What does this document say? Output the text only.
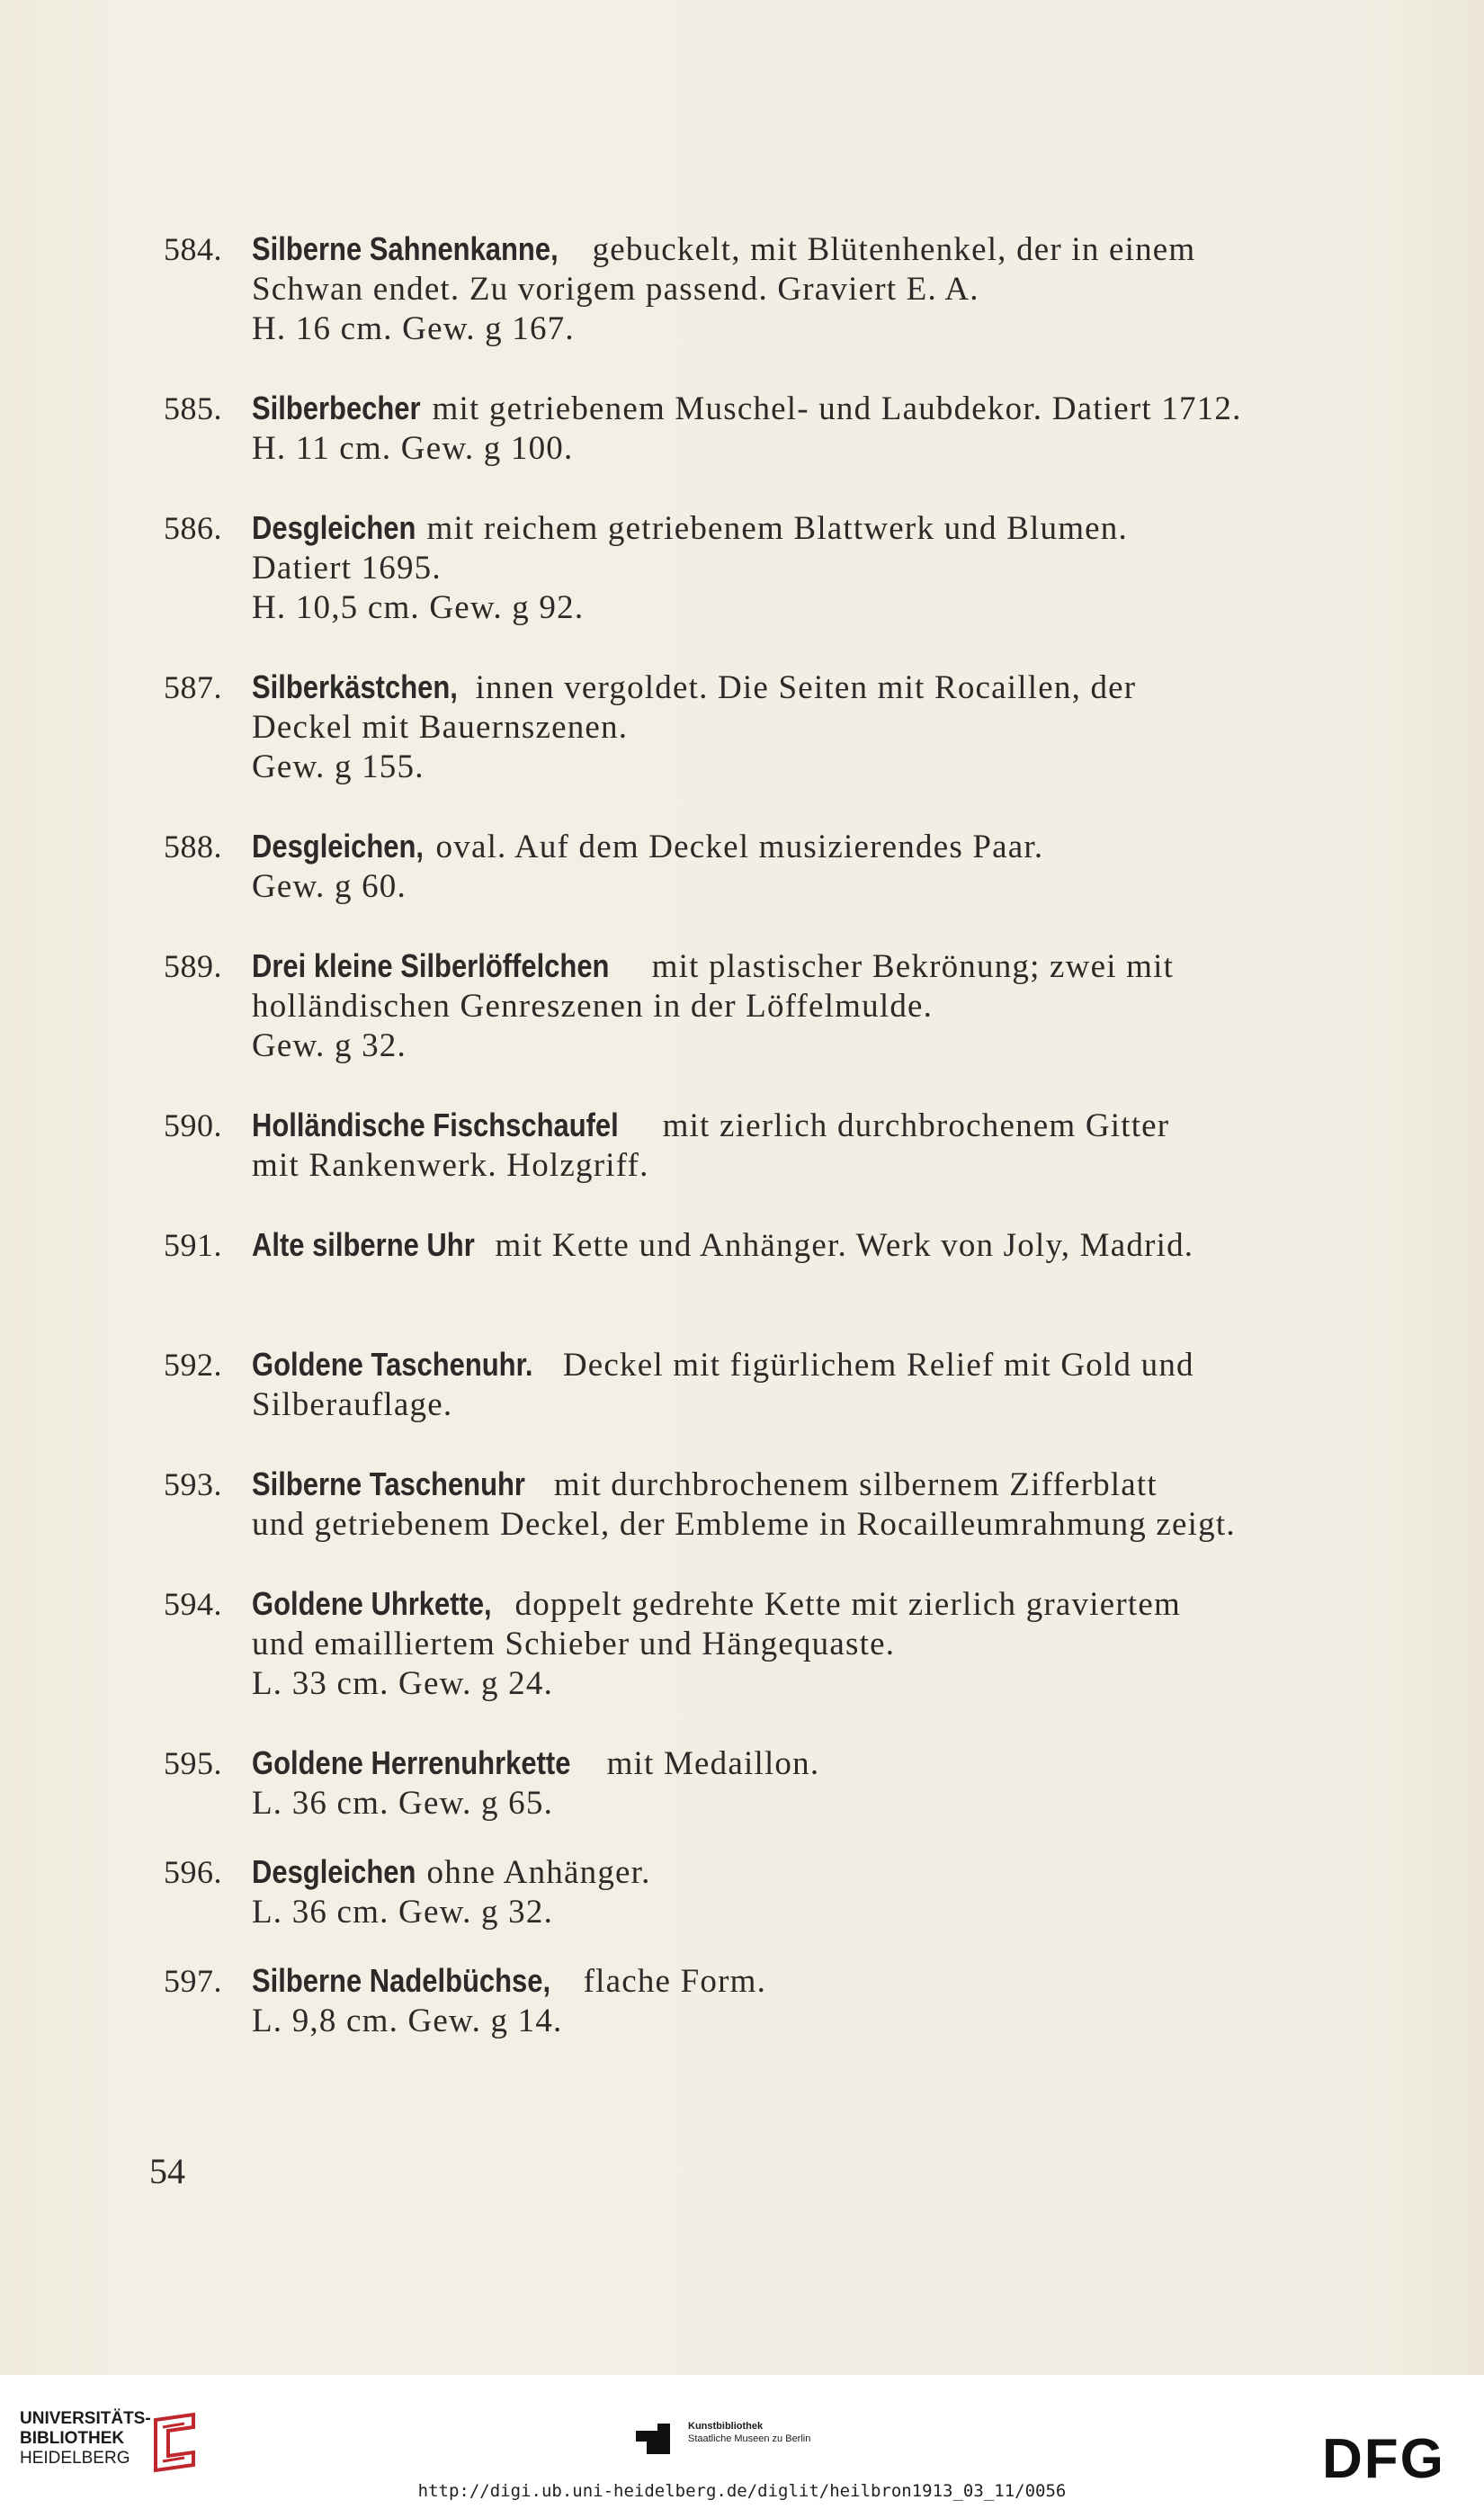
584. Silberne Sahnenkanne, gebuckelt, mit Blütenhenkel, der in einem
Schwan endet. Zu vorigem passend. Graviert E. A.
H. 16 cm. Gew. g 167.
585. Silberbecher mit getriebenem Muschel- und Laubdekor. Datiert 1712.
H. 11 cm. Gew. g 100.
586. Desgleichen mit reichem getriebenem Blattwerk und Blumen.
Datiert 1695.
H. 10,5 cm. Gew. g 92.
587. Silberkästchen, innen vergoldet. Die Seiten mit Rocaillen, der
Deckel mit Bauernszenen.
Gew. g 155.
588. Desgleichen, oval. Auf dem Deckel musizierendes Paar.
Gew. g 60.
589. Drei kleine Silberlöffelchen mit plastischer Bekrönung; zwei mit
holländischen Genreszenen in der Löffelmulde.
Gew. g 32.
590. Holländische Fischschaufel mit zierlich durchbrochenem Gitter
mit Rankenwerk. Holzgriff.
591. Alte silberne Uhr mit Kette und Anhänger. Werk von Joly, Madrid.
592. Goldene Taschenuhr. Deckel mit figürlichem Relief mit Gold und
Silberauflage.
593. Silberne Taschenuhr mit durchbrochenem silbernem Zifferblatt
und getriebenem Deckel, der Embleme in Rocailleumrahmung zeigt.
594. Goldene Uhrkette, doppelt gedrehte Kette mit zierlich graviertem
und emailliertem Schieber und Hängequaste.
L. 33 cm. Gew. g 24.
595. Goldene Herrenuhrkette mit Medaillon.
L. 36 cm. Gew. g 65.
596. Desgleichen ohne Anhänger.
L. 36 cm. Gew. g 32.
597. Silberne Nadelbüchse, flache Form.
L. 9,8 cm. Gew. g 14.
54
UNIVERSITÄTS-
BIBLIOTHEK
HEIDELBERG
Kunstbibliothek
Staatliche Museen zu Berlin	DFG
http://digi.ub.uni-heidelberg.de/diglit/heilbron1913_03_11/0056
